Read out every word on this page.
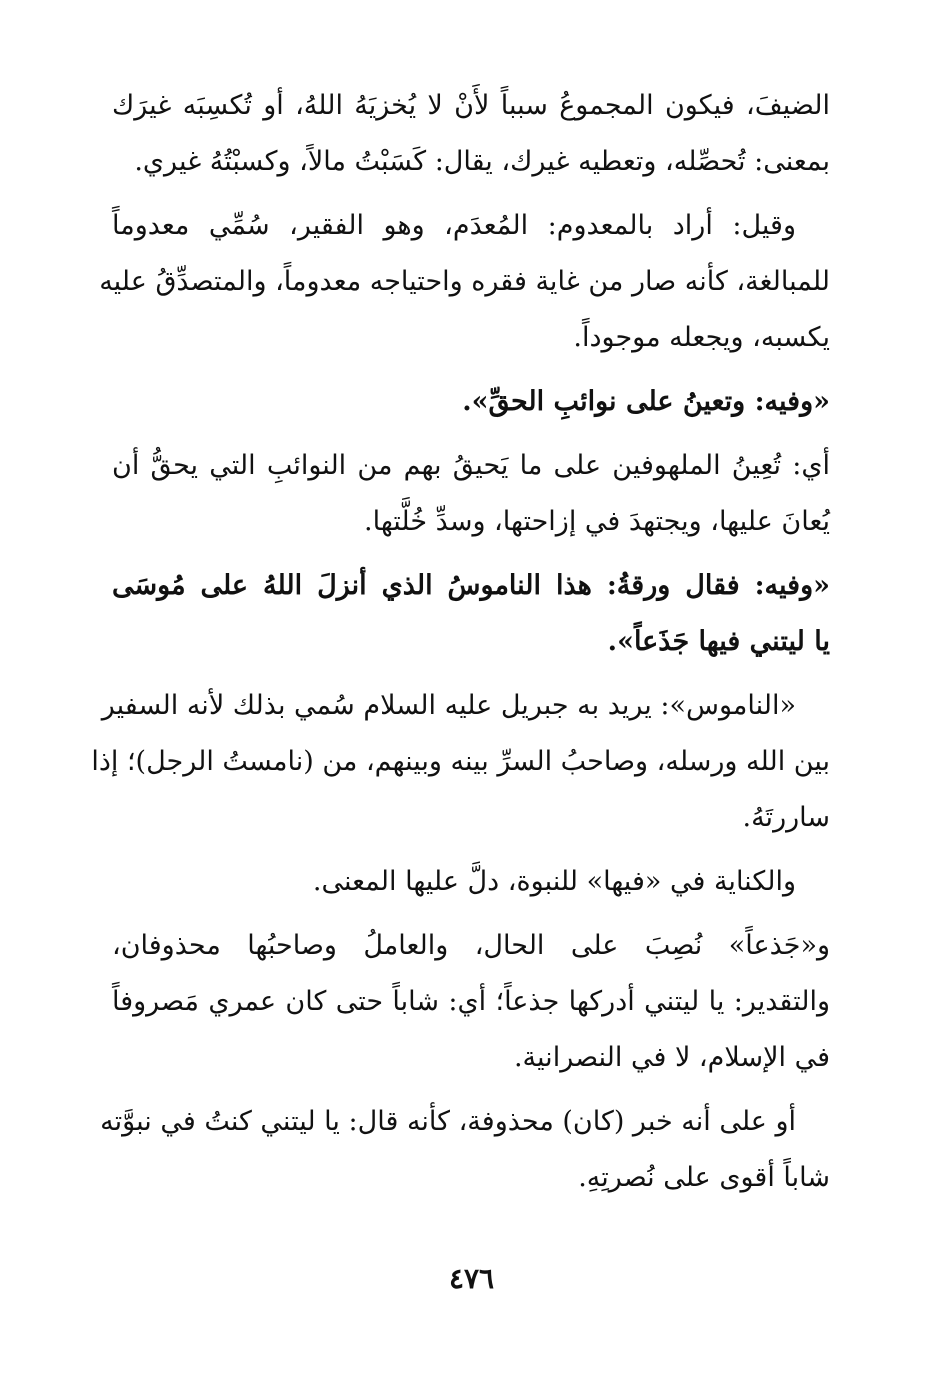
الضيفَ، فيكون المجموعُ سبباً لأَنْ لا يُخزيَهُ اللهُ، أو تُكسِبَه غيرَك
بمعنى: تُحصِّله، وتعطيه غيرك، يقال: كَسَبْتُ مالاً، وكسبْتُهُ غيري.

وقيل: أراد بالمعدوم: المُعدَم، وهو الفقير، سُمِّي معدوماً
للمبالغة، كأنه صار من غاية فقره واحتياجه معدوماً، والمتصدِّقُ عليه
يكسبه، ويجعله موجوداً.

«وفيه: وتعينُ على نوائبِ الحقِّ».

أي: تُعِينُ الملهوفين على ما يَحيقُ بهم من النوائبِ التي يحقُّ أن
يُعانَ عليها، ويجتهدَ في إزاحتها، وسدِّ خُلَّتها.

«وفيه: فقال ورقةُ: هذا الناموسُ الذي أنزلَ اللهُ على مُوسَى
يا ليتني فيها جَذَعاً».

«الناموس»: يريد به جبريل عليه السلام سُمي بذلك لأنه السفير
بين الله ورسله، وصاحبُ السرِّ بينه وبينهم، من (نامستُ الرجل)؛ إذا
ساررتَهُ.

والكناية في «فيها» للنبوة، دلَّ عليها المعنى.

و«جَذعاً» نُصِبَ على الحال، والعاملُ وصاحبُها محذوفان،
والتقدير: يا ليتني أدركها جذعاً؛ أي: شاباً حتى كان عمري مَصروفاً
في الإسلام، لا في النصرانية.

أو على أنه خبر (كان) محذوفة، كأنه قال: يا ليتني كنتُ في نبوَّته
شاباً أقوى على نُصرتِهِ.

٤٧٦
